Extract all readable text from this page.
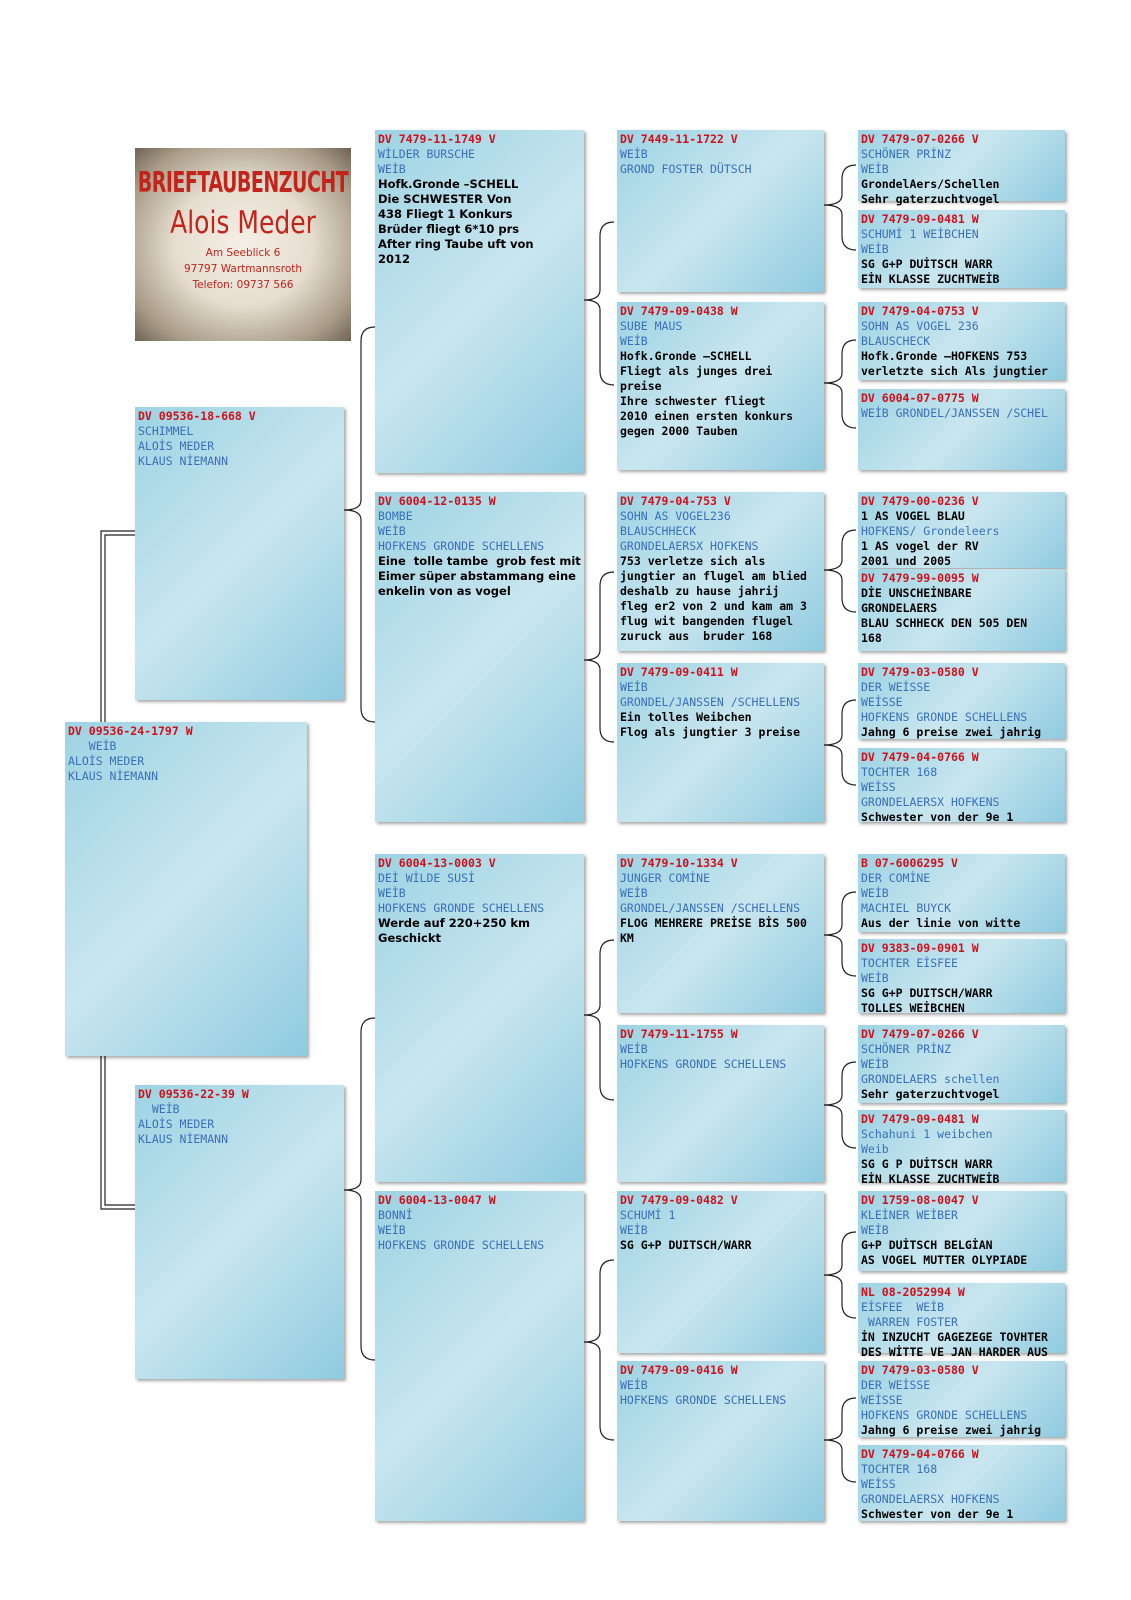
BRIEFTAUBENZUCHT
Alois Meder
Am Seeblick 6
97797 Wartmannsroth
Telefon: 09737 566
DV 09536-24-1797 W
WEİB
ALOİS MEDER
KLAUS NİEMANN
DV 09536-18-668 V
SCHIMMEL
ALOİS MEDER
KLAUS NİEMANN
DV 09536-22-39 W
WEİB
ALOİS MEDER
KLAUS NİEMANN
DV 7479-11-1749 V
WİLDER BURSCHE
WEİB
Hofk.Gronde –SCHELL
Die SCHWESTER Von
438 Fliegt 1 Konkurs
Brüder fliegt 6*10 prs
After ring Taube uft von
2012
DV 6004-12-0135 W
BOMBE
WEİB
HOFKENS GRONDE SCHELLENS
Eine  tolle tambe  grob fest mit Eimer süper abstammang eine enkelin von as vogel
DV 6004-13-0003 V
DEİ WİLDE SUSİ
WEİB
HOFKENS GRONDE SCHELLENS
Werde auf 220+250 km
Geschickt
DV 6004-13-0047 W
BONNİ
WEİB
HOFKENS GRONDE SCHELLENS
DV 7449-11-1722 V
WEİB
GROND FOSTER DÜTSCH
DV 7479-09-0438 W
SUBE MAUS
WEİB
Hofk.Gronde –SCHELL
Fliegt als junges drei
preise
Ihre schwester fliegt
2010 einen ersten konkurs
gegen 2000 Tauben
DV 7479-04-753 V
SOHN AS VOGEL236
BLAUSCHHECK
GRONDELAERSX HOFKENS
753 verletze sich als
jungtier an flugel am blied
deshalb zu hause jahrij
fleg er2 von 2 und kam am 3
flug wit bangenden flugel
zuruck aus  bruder 168
DV 7479-09-0411 W
WEİB
GRONDEL/JANSSEN /SCHELLENS
Ein tolles Weibchen
Flog als jungtier 3 preise
DV 7479-10-1334 V
JUNGER COMİNE
WEİB
GRONDEL/JANSSEN /SCHELLENS
FLOG MEHRERE PREİSE BİS 500
KM
DV 7479-11-1755 W
WEİB
HOFKENS GRONDE SCHELLENS
DV 7479-09-0482 V
SCHUMİ 1
WEİB
SG G+P DUITSCH/WARR
DV 7479-09-0416 W
WEİB
HOFKENS GRONDE SCHELLENS
DV 7479-07-0266 V
SCHÖNER PRİNZ
WEİB
GrondelAers/Schellen
Sehr gaterzuchtvogel
DV 7479-09-0481 W
SCHUMİ 1 WEİBCHEN
WEİB
SG G+P DUİTSCH WARR
EİN KLASSE ZUCHTWEİB
DV 7479-04-0753 V
SOHN AS VOGEL 236
BLAUSCHECK
Hofk.Gronde –HOFKENS 753
verletzte sich Als jungtier
DV 6004-07-0775 W
WEİB GRONDEL/JANSSEN /SCHEL
DV 7479-00-0236 V
1 AS VOGEL BLAU
HOFKENS/ Grondeleers
1 AS vogel der RV
2001 und 2005
DV 7479-99-0095 W
DİE UNSCHEİNBARE
GRONDELAERS
BLAU SCHHECK DEN 505 DEN
168
DV 7479-03-0580 V
DER WEİSSE
WEİSSE
HOFKENS GRONDE SCHELLENS
Jahng 6 preise zwei jahrig
DV 7479-04-0766 W
TOCHTER 168
WEİSS
GRONDELAERSX HOFKENS
Schwester von der 9e 1
B 07-6006295 V
DER COMİNE
WEİB
MACHIEL BUYCK
Aus der linie von witte
DV 9383-09-0901 W
TOCHTER EİSFEE
WEİB
SG G+P DUITSCH/WARR
TOLLES WEİBCHEN
DV 7479-07-0266 V
SCHÖNER PRİNZ
WEİB
GRONDELAERS schellen
Sehr gaterzuchtvogel
DV 7479-09-0481 W
Schahuni 1 weibchen
Weib
SG G P DUİTSCH WARR
EİN KLASSE ZUCHTWEİB
DV 1759-08-0047 V
KLEİNER WEİBER
WEİB
G+P DUİTSCH BELGİAN
AS VOGEL MUTTER OLYPIADE
NL 08-2052994 W
EİSFEE  WEİB
WARREN FOSTER
İN INZUCHT GAGEZEGE TOVHTER
DES WİTTE VE JAN HARDER AUS
DV 7479-03-0580 V
DER WEİSSE
WEİSSE
HOFKENS GRONDE SCHELLENS
Jahng 6 preise zwei jahrig
DV 7479-04-0766 W
TOCHTER 168
WEİSS
GRONDELAERSX HOFKENS
Schwester von der 9e 1
